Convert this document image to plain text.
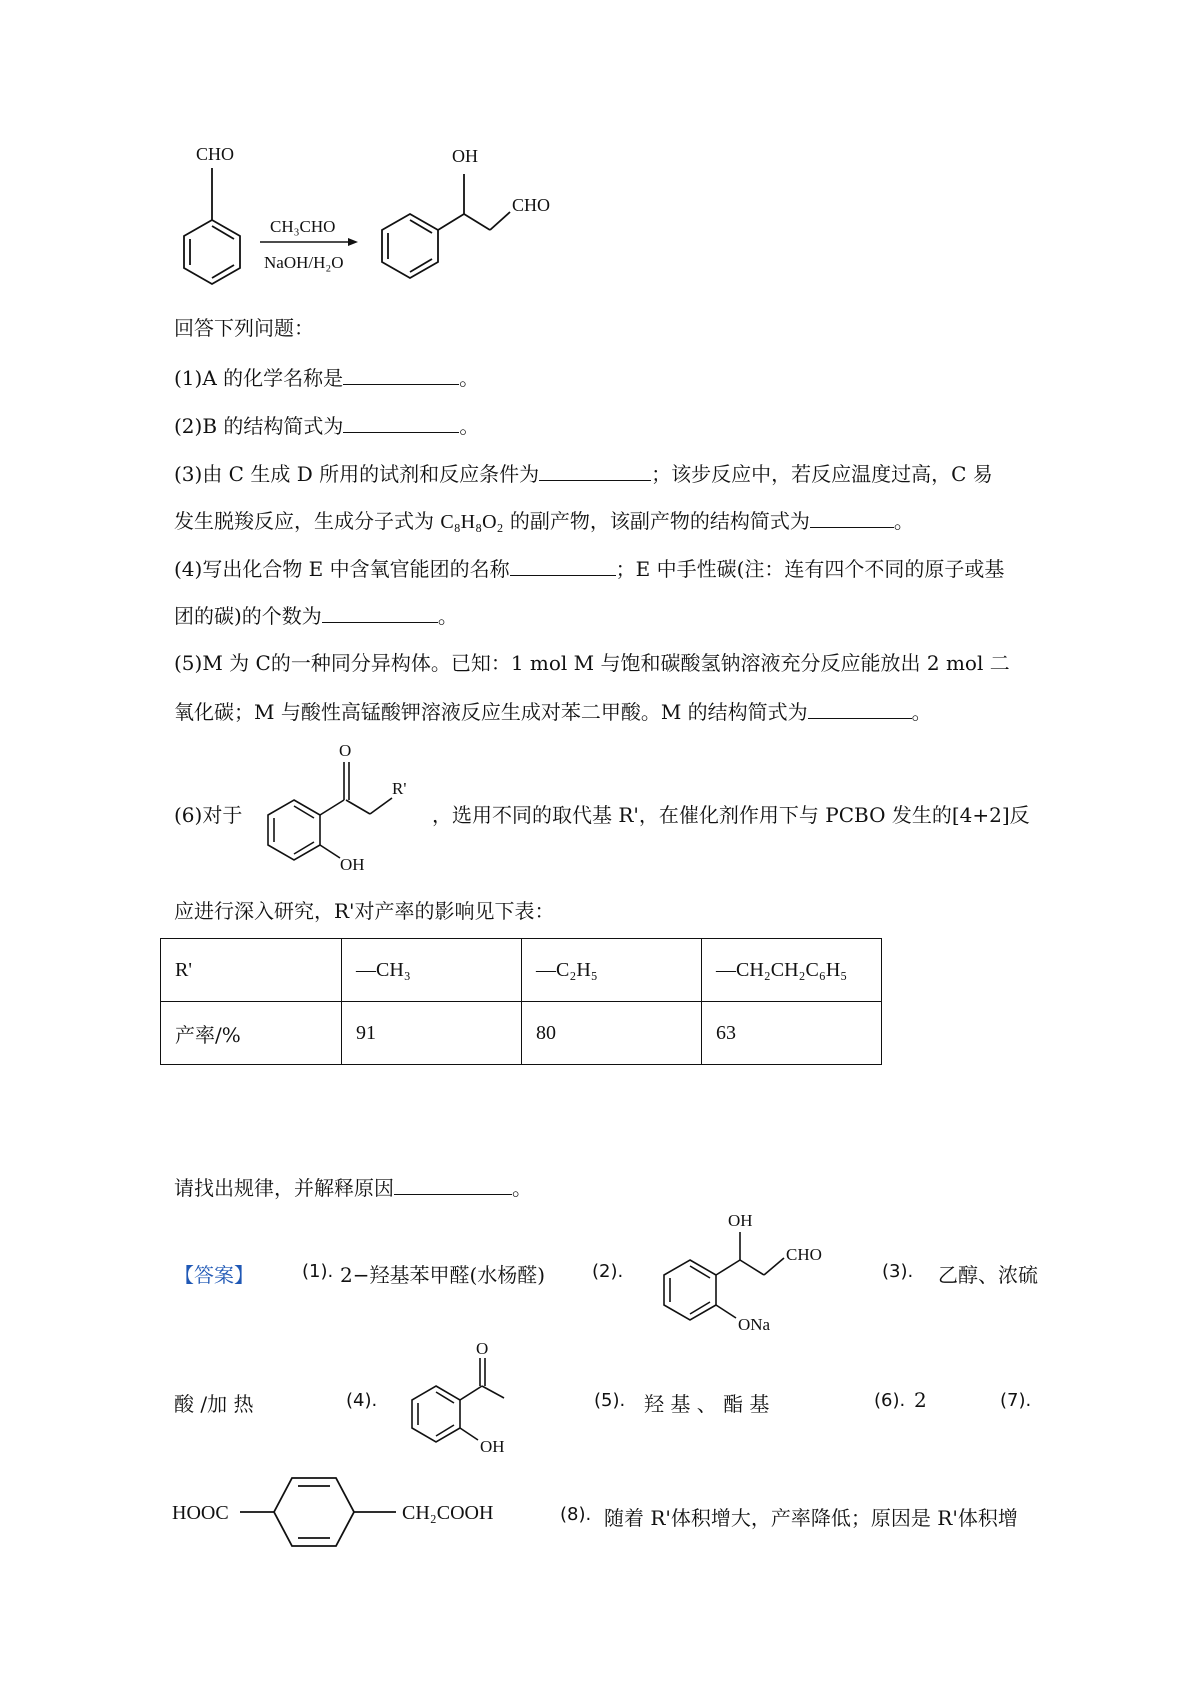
CHO
CH₃CHO
NaOH/H₂O
OH
CHO
回答下列问题：
(1)A 的化学名称是	。
(2)B 的结构简式为	。
(3)由 C 生成 D 所用的试剂和反应条件为	；该步反应中，若反应温度过高，C 易
发生脱羧反应，生成分子式为 C₈H₈O₂ 的副产物，该副产物的结构简式为	。
(4)写出化合物 E 中含氧官能团的名称	；E 中手性碳(注：连有四个不同的原子或基
团的碳)的个数为	。
(5)M 为 C的一种同分异构体。已知：1 mol M 与饱和碳酸氢钠溶液充分反应能放出 2 mol 二
氧化碳；M 与酸性高锰酸钾溶液反应生成对苯二甲酸。M 的结构简式为	。
(6)对于
O
R'
OH
，选用不同的取代基 R'，在催化剂作用下与 PCBO 发生的[4+2]反
应进行深入研究，R'对产率的影响见下表：
R'	—CH₃	—C₂H₅	—CH₂CH₂C₆H₅
产率/%	91	80	63
请找出规律，并解释原因	。
【答案】	(1). 2−羟基苯甲醛(水杨醛)	(2).
OH
CHO
ONa
(3). 乙醇、浓硫
酸 /加 热	(4).
O
OH
(5). 羟 基 、 酯 基	(6). 2	(7).
HOOC	CH₂COOH	(8). 随着 R'体积增大，产率降低；原因是 R'体积增
